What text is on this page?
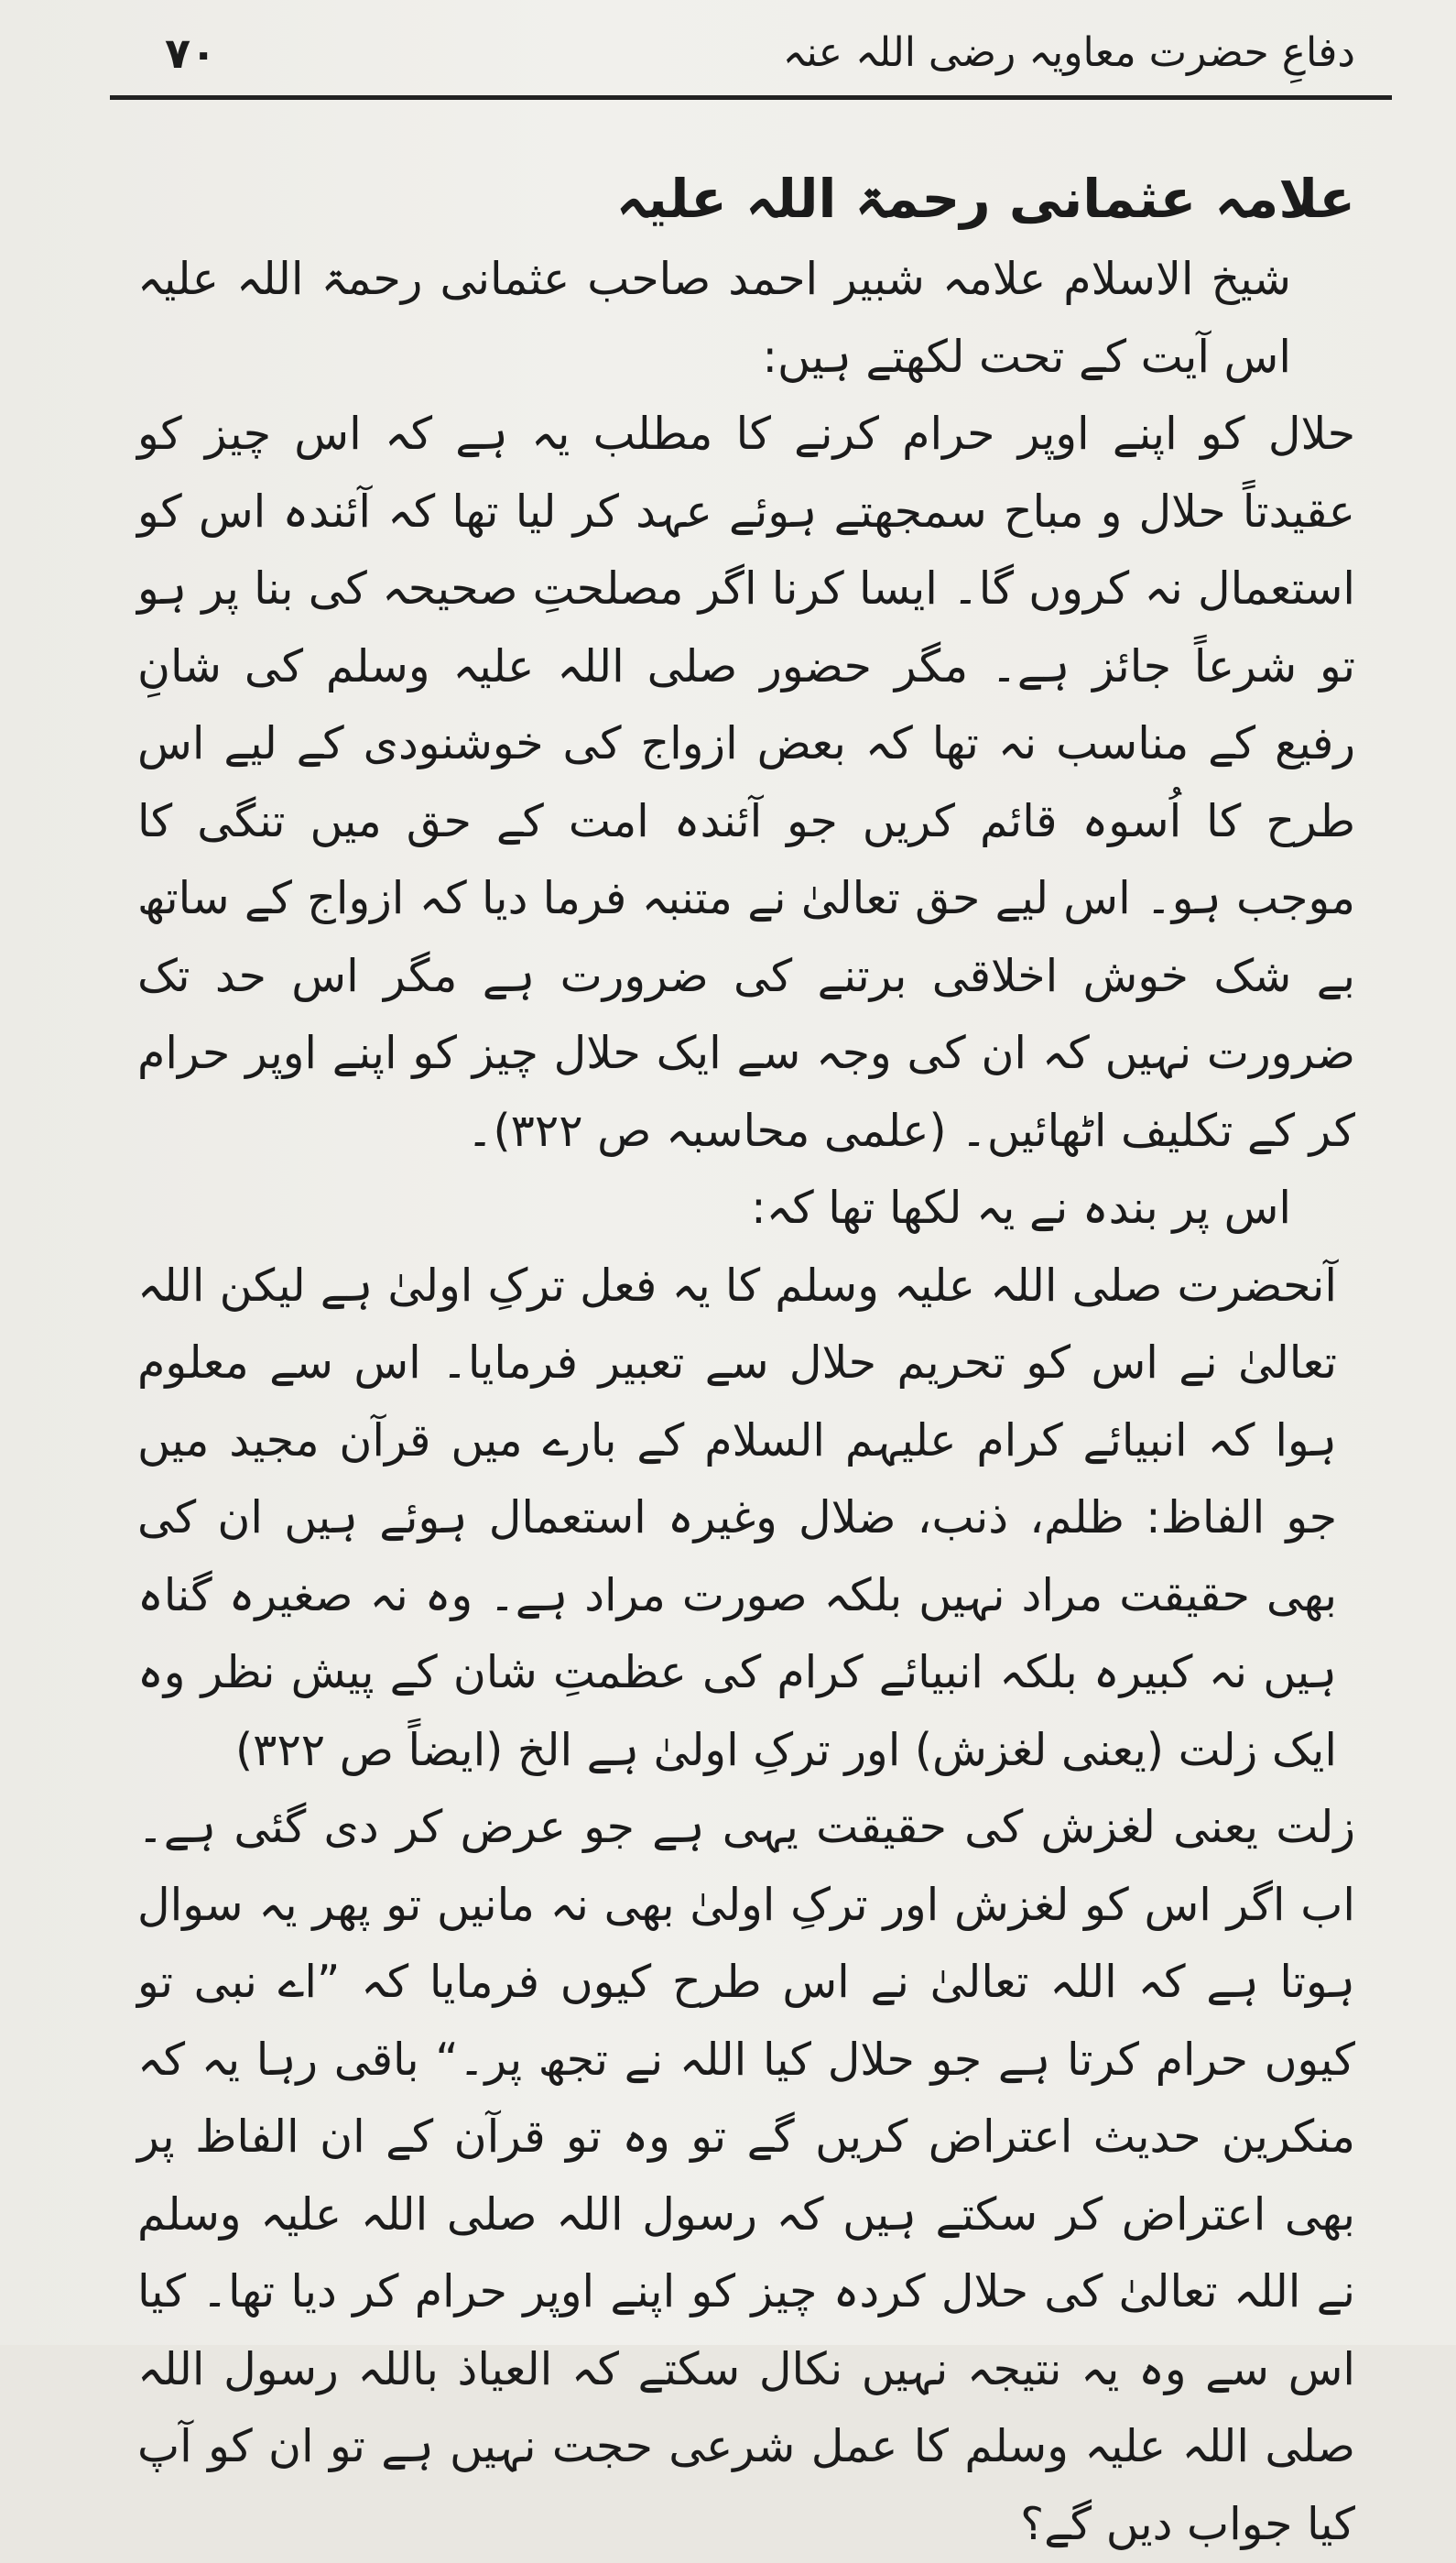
دفاعِ حضرت معاویہ رضی اللہ عنہ
۷۰
علامہ عثمانی رحمۃ اللہ علیہ

شیخ الاسلام علامہ شبیر احمد صاحب عثمانی رحمۃ اللہ علیہ اس آیت کے تحت لکھتے ہیں:

حلال کو اپنے اوپر حرام کرنے کا مطلب یہ ہے کہ اس چیز کو عقیدتاً حلال و مباح سمجھتے ہوئے عہد کر لیا تھا کہ آئندہ اس کو استعمال نہ کروں گا۔ ایسا کرنا اگر مصلحتِ صحیحہ کی بنا پر ہو تو شرعاً جائز ہے۔ مگر حضور صلی اللہ علیہ وسلم کی شانِ رفیع کے مناسب نہ تھا کہ بعض ازواج کی خوشنودی کے لیے اس طرح کا اُسوہ قائم کریں جو آئندہ امت کے حق میں تنگی کا موجب ہو۔ اس لیے حق تعالیٰ نے متنبہ فرما دیا کہ ازواج کے ساتھ بے شک خوش اخلاقی برتنے کی ضرورت ہے مگر اس حد تک ضرورت نہیں کہ ان کی وجہ سے ایک حلال چیز کو اپنے اوپر حرام کر کے تکلیف اٹھائیں۔ (علمی محاسبہ ص ۳۲۲)۔

اس پر بندہ نے یہ لکھا تھا کہ:

آنحضرت صلی اللہ علیہ وسلم کا یہ فعل ترکِ اولیٰ ہے لیکن اللہ تعالیٰ نے اس کو تحریم حلال سے تعبیر فرمایا۔ اس سے معلوم ہوا کہ انبیائے کرام علیہم السلام کے بارے میں قرآن مجید میں جو الفاظ: ظلم، ذنب، ضلال وغیرہ استعمال ہوئے ہیں ان کی بھی حقیقت مراد نہیں بلکہ صورت مراد ہے۔ وہ نہ صغیرہ گناہ ہیں نہ کبیرہ بلکہ انبیائے کرام کی عظمتِ شان کے پیش نظر وہ ایک زلت (یعنی لغزش) اور ترکِ اولیٰ ہے الخ (ایضاً ص ۳۲۲)

زلت یعنی لغزش کی حقیقت یہی ہے جو عرض کر دی گئی ہے۔ اب اگر اس کو لغزش اور ترکِ اولیٰ بھی نہ مانیں تو پھر یہ سوال ہوتا ہے کہ اللہ تعالیٰ نے اس طرح کیوں فرمایا کہ ”اے نبی تو کیوں حرام کرتا ہے جو حلال کیا اللہ نے تجھ پر۔“ باقی رہا یہ کہ منکرین حدیث اعتراض کریں گے تو وہ تو قرآن کے ان الفاظ پر بھی اعتراض کر سکتے ہیں کہ رسول اللہ صلی اللہ علیہ وسلم نے اللہ تعالیٰ کی حلال کردہ چیز کو اپنے اوپر حرام کر دیا تھا۔ کیا اس سے وہ یہ نتیجہ نہیں نکال سکتے کہ العیاذ باللہ رسول اللہ صلی اللہ علیہ وسلم کا عمل شرعی حجت نہیں ہے تو ان کو آپ کیا جواب دیں گے؟
